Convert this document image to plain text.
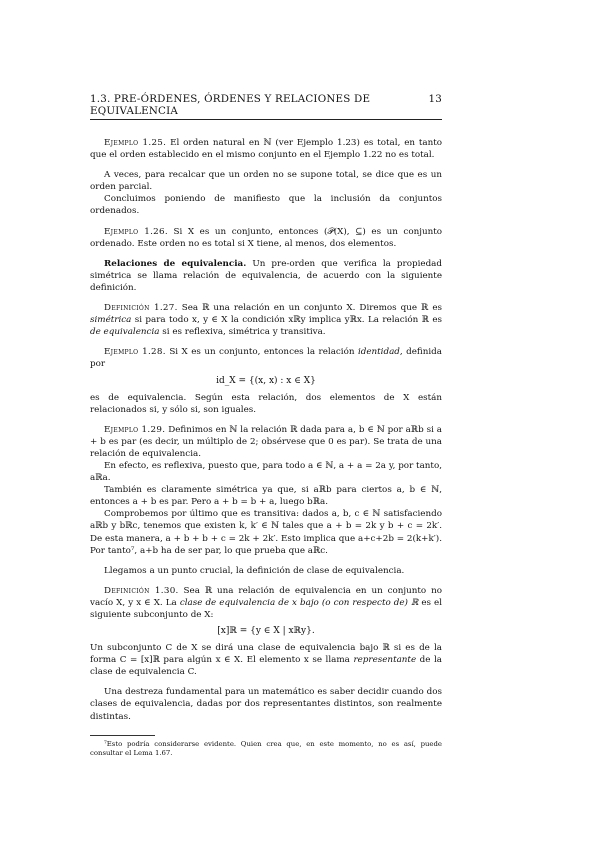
1.3. PRE-ÓRDENES, ÓRDENES Y RELACIONES DE EQUIVALENCIA
13

Ejemplo 1.25. El orden natural en ℕ (ver Ejemplo 1.23) es total, en tanto que el orden establecido en el mismo conjunto en el Ejemplo 1.22 no es total.

A veces, para recalcar que un orden no se supone total, se dice que es un orden parcial.

Concluimos poniendo de manifiesto que la inclusión da conjuntos ordenados.

Ejemplo 1.26. Si X es un conjunto, entonces (𝒫(X), ⊆) es un conjunto ordenado. Este orden no es total si X tiene, al menos, dos elementos.

Relaciones de equivalencia. Un pre-orden que verifica la propiedad simétrica se llama relación de equivalencia, de acuerdo con la siguiente definición.

Definición 1.27. Sea ℝ una relación en un conjunto X. Diremos que ℝ es simétrica si para todo x, y ∈ X la condición xℝy implica yℝx. La relación ℝ es de equivalencia si es reflexiva, simétrica y transitiva.

Ejemplo 1.28. Si X es un conjunto, entonces la relación identidad, definida por

id_X = {(x, x) : x ∈ X}

es de equivalencia. Según esta relación, dos elementos de X están relacionados si, y sólo si, son iguales.

Ejemplo 1.29. Definimos en ℕ la relación ℝ dada para a, b ∈ ℕ por aℝb si a + b es par (es decir, un múltiplo de 2; obsérvese que 0 es par). Se trata de una relación de equivalencia.

En efecto, es reflexiva, puesto que, para todo a ∈ ℕ, a + a = 2a y, por tanto, aℝa.

También es claramente simétrica ya que, si aℝb para ciertos a, b ∈ ℕ, entonces a + b es par. Pero a + b = b + a, luego bℝa.

Comprobemos por último que es transitiva: dados a, b, c ∈ ℕ satisfaciendo aℝb y bℝc, tenemos que existen k, k′ ∈ ℕ tales que a + b = 2k y b + c = 2k′. De esta manera, a + b + b + c = 2k + 2k′. Esto implica que a+c+2b = 2(k+k′). Por tanto⁷, a+b ha de ser par, lo que prueba que aℝc.

Llegamos a un punto crucial, la definición de clase de equivalencia.

Definición 1.30. Sea ℝ una relación de equivalencia en un conjunto no vacío X, y x ∈ X. La clase de equivalencia de x bajo (o con respecto de) ℝ es el siguiente subconjunto de X:

[x]ℝ = {y ∈ X | xℝy}.

Un subconjunto C de X se dirá una clase de equivalencia bajo ℝ si es de la forma C = [x]ℝ para algún x ∈ X. El elemento x se llama representante de la clase de equivalencia C.

Una destreza fundamental para un matemático es saber decidir cuando dos clases de equivalencia, dadas por dos representantes distintos, son realmente distintas.

⁷Esto podría considerarse evidente. Quien crea que, en este momento, no es así, puede consultar el Lema 1.67.
